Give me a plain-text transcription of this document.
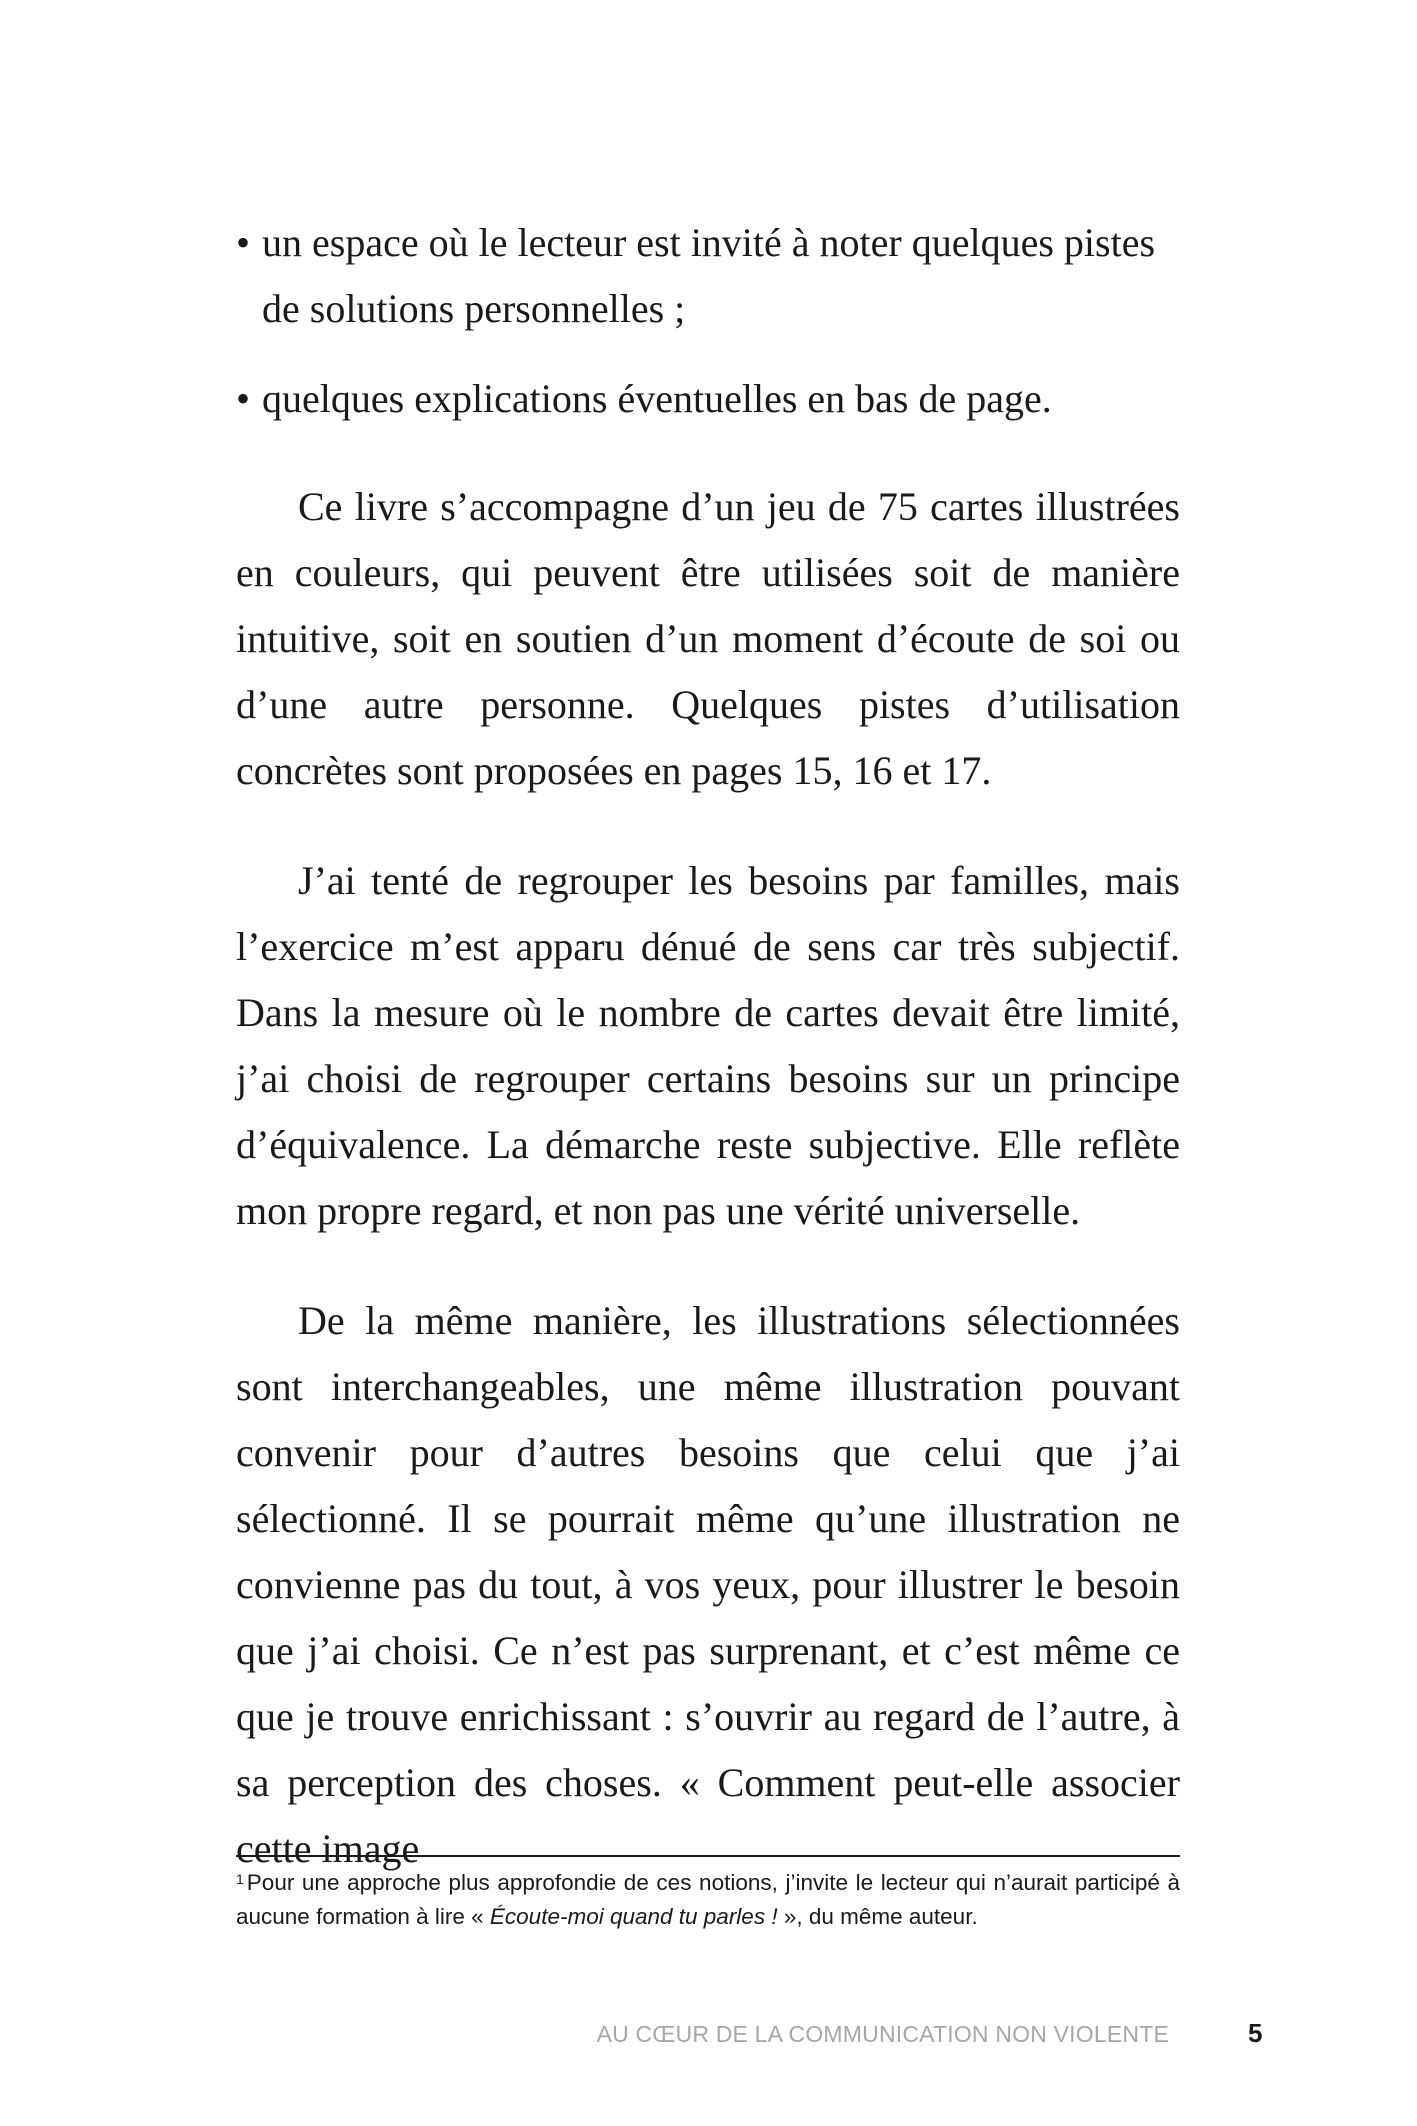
• un espace où le lecteur est invité à noter quelques pistes de solutions personnelles ;
• quelques explications éventuelles en bas de page.

Ce livre s’accompagne d’un jeu de 75 cartes illustrées en couleurs, qui peuvent être utilisées soit de manière intuitive, soit en soutien d’un moment d’écoute de soi ou d’une autre personne. Quelques pistes d’utilisation concrètes sont proposées en pages 15, 16 et 17.

J’ai tenté de regrouper les besoins par familles, mais l’exercice m’est apparu dénué de sens car très subjectif. Dans la mesure où le nombre de cartes devait être limité, j’ai choisi de regrouper certains besoins sur un principe d’équivalence. La démarche reste subjective. Elle reflète mon propre regard, et non pas une vérité universelle.

De la même manière, les illustrations sélectionnées sont interchangeables, une même illustration pouvant convenir pour d’autres besoins que celui que j’ai sélectionné. Il se pourrait même qu’une illustration ne convienne pas du tout, à vos yeux, pour illustrer le besoin que j’ai choisi. Ce n’est pas surprenant, et c’est même ce que je trouve enrichissant : s’ouvrir au regard de l’autre, à sa perception des choses. « Comment peut-elle associer cette image

$^1$ Pour une approche plus approfondie de ces notions, j’invite le lecteur qui n’aurait participé à aucune formation à lire « Écoute-moi quand tu parles ! », du même auteur.
AU CŒUR DE LA COMMUNICATION NON VIOLENTE	5
